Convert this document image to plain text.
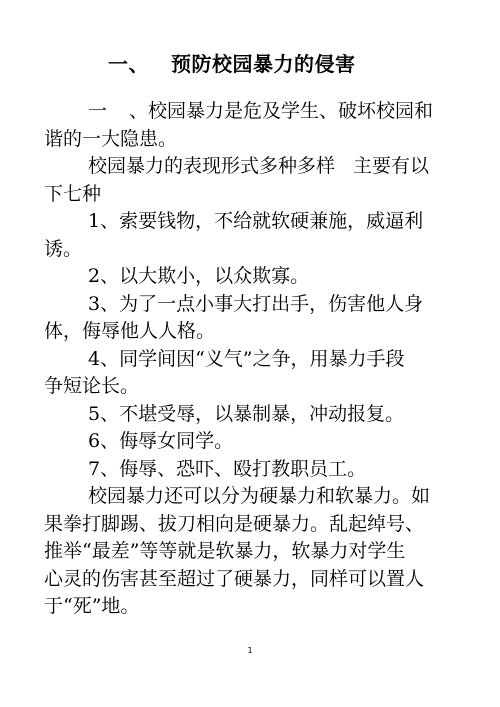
一、 预防校园暴力的侵害
一 、校园暴力是危及学生、破坏校园和
谐的一大隐患。
校园暴力的表现形式多种多样 主要有以
下七种
1、索要钱物，不给就软硬兼施，威逼利
诱。
2、以大欺小，以众欺寡。
3、为了一点小事大打出手，伤害他人身
体，侮辱他人人格。
4、同学间因“义气”之争，用暴力手段
争短论长。
5、不堪受辱，以暴制暴，冲动报复。
6、侮辱女同学。
7、侮辱、恐吓、殴打教职员工。
校园暴力还可以分为硬暴力和软暴力。如
果拳打脚踢、拔刀相向是硬暴力。乱起绰号、
推举“最差”等等就是软暴力，软暴力对学生
心灵的伤害甚至超过了硬暴力，同样可以置人
于“死”地。
1
